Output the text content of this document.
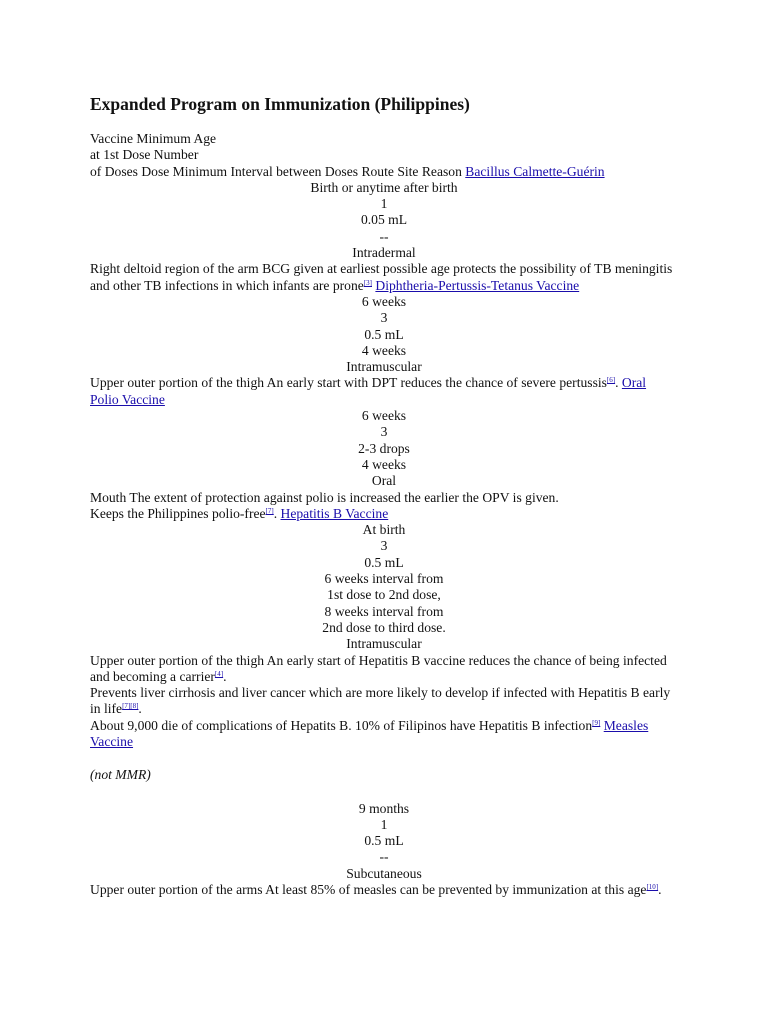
Expanded Program on Immunization (Philippines)
Vaccine Minimum Age
at 1st Dose Number
of Doses Dose Minimum Interval between Doses Route Site Reason Bacillus Calmette-Guérin
Birth or anytime after birth
1
0.05 mL
--
Intradermal
Right deltoid region of the arm BCG given at earliest possible age protects the possibility of TB meningitis and other TB infections in which infants are prone[3] Diphtheria-Pertussis-Tetanus Vaccine
6 weeks
3
0.5 mL
4 weeks
Intramuscular
Upper outer portion of the thigh An early start with DPT reduces the chance of severe pertussis[6]. Oral Polio Vaccine
6 weeks
3
2-3 drops
4 weeks
Oral
Mouth The extent of protection against polio is increased the earlier the OPV is given.
Keeps the Philippines polio-free[7]. Hepatitis B Vaccine
At birth
3
0.5 mL
6 weeks interval from
1st dose to 2nd dose,
8 weeks interval from
2nd dose to third dose.
Intramuscular
Upper outer portion of the thigh An early start of Hepatitis B vaccine reduces the chance of being infected and becoming a carrier[4].
Prevents liver cirrhosis and liver cancer which are more likely to develop if infected with Hepatitis B early in life[7][8].
About 9,000 die of complications of Hepatits B. 10% of Filipinos have Hepatitis B infection[9] Measles Vaccine
(not MMR)
9 months
1
0.5 mL
--
Subcutaneous
Upper outer portion of the arms At least 85% of measles can be prevented by immunization at this age[10].
